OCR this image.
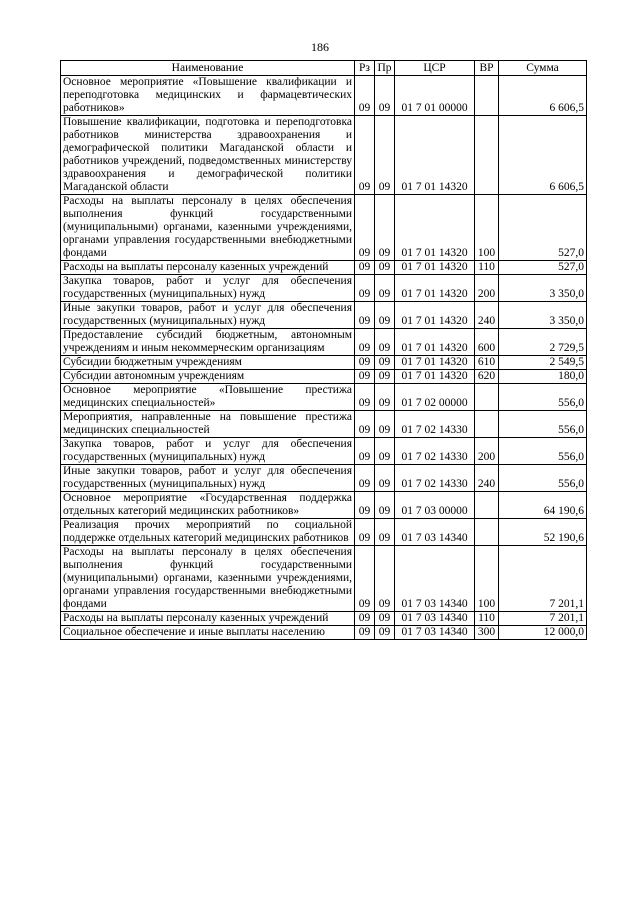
186
Наименование	Рз	Пр	ЦСР	ВР	Сумма
Основное мероприятие «Повышение квалификации и переподготовка медицинских и фармацевтических работников»	09	09	01 7 01 00000		6 606,5
Повышение квалификации, подготовка и переподготовка работников министерства здравоохранения и демографической политики Магаданской области и работников учреждений, подведомственных министерству здравоохранения и демографической политики Магаданской области	09	09	01 7 01 14320		6 606,5
Расходы на выплаты персоналу в целях обеспечения выполнения функций государственными (муниципальными) органами, казенными учреждениями, органами управления государственными внебюджетными фондами	09	09	01 7 01 14320	100	527,0
Расходы на выплаты персоналу казенных учреждений	09	09	01 7 01 14320	110	527,0
Закупка товаров, работ и услуг для обеспечения государственных (муниципальных) нужд	09	09	01 7 01 14320	200	3 350,0
Иные закупки товаров, работ и услуг для обеспечения государственных (муниципальных) нужд	09	09	01 7 01 14320	240	3 350,0
Предоставление субсидий бюджетным, автономным учреждениям и иным некоммерческим организациям	09	09	01 7 01 14320	600	2 729,5
Субсидии бюджетным учреждениям	09	09	01 7 01 14320	610	2 549,5
Субсидии автономным учреждениям	09	09	01 7 01 14320	620	180,0
Основное мероприятие «Повышение престижа медицинских специальностей»	09	09	01 7 02 00000		556,0
Мероприятия, направленные на повышение престижа медицинских специальностей	09	09	01 7 02 14330		556,0
Закупка товаров, работ и услуг для обеспечения государственных (муниципальных) нужд	09	09	01 7 02 14330	200	556,0
Иные закупки товаров, работ и услуг для обеспечения государственных (муниципальных) нужд	09	09	01 7 02 14330	240	556,0
Основное мероприятие «Государственная поддержка отдельных категорий медицинских работников»	09	09	01 7 03 00000		64 190,6
Реализация прочих мероприятий по социальной поддержке отдельных категорий медицинских работников	09	09	01 7 03 14340		52 190,6
Расходы на выплаты персоналу в целях обеспечения выполнения функций государственными (муниципальными) органами, казенными учреждениями, органами управления государственными внебюджетными фондами	09	09	01 7 03 14340	100	7 201,1
Расходы на выплаты персоналу казенных учреждений	09	09	01 7 03 14340	110	7 201,1
Социальное обеспечение и иные выплаты населению	09	09	01 7 03 14340	300	12 000,0
